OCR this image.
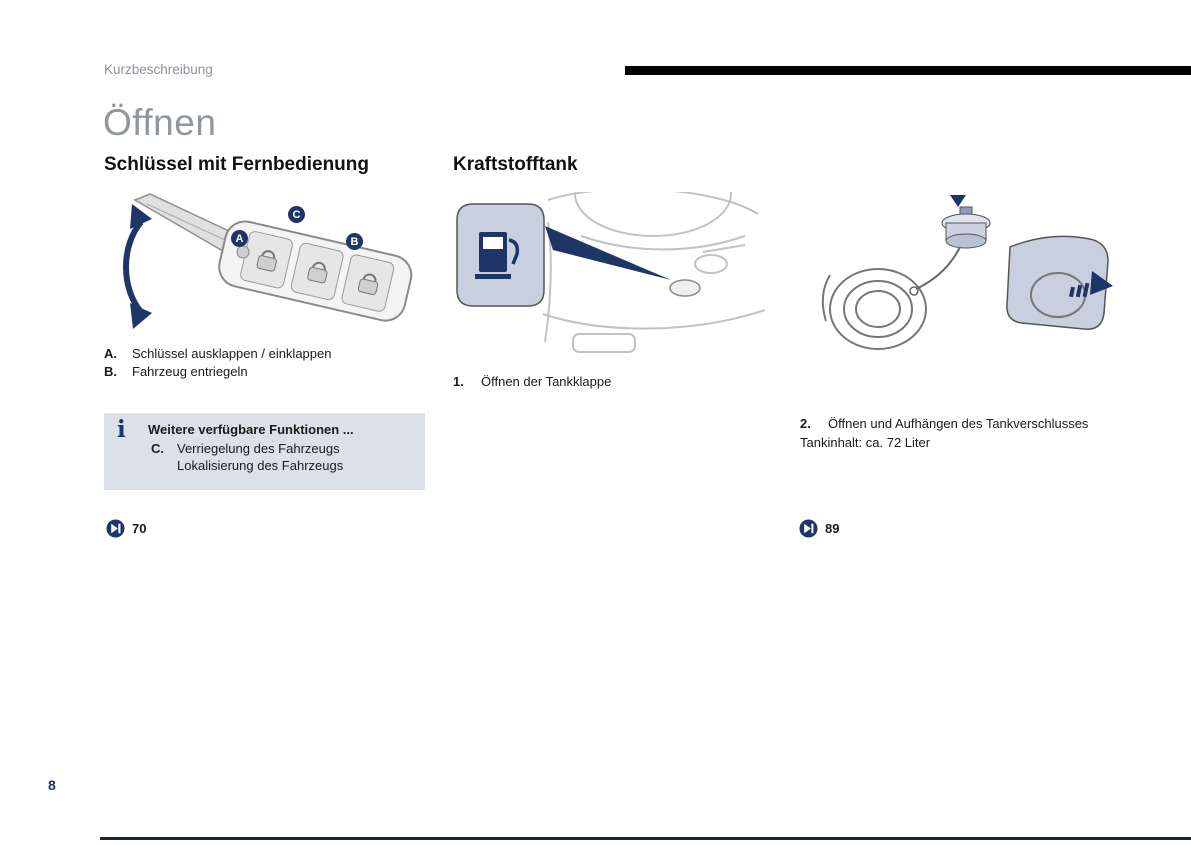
Kurzbeschreibung
Öffnen
Schlüssel mit Fernbedienung	Kraftstofftank
A	B
C
A.	Schlüssel ausklappen / einklappen
B.	Fahrzeug entriegeln
i Weitere verfügbare Funktionen ...
C.	Verriegelung des Fahrzeugs
Lokalisierung des Fahrzeugs
70
1.	Öffnen der Tankklappe
2.	Öffnen und Aufhängen des Tankverschlusses
Tankinhalt: ca. 72 Liter
89
8
